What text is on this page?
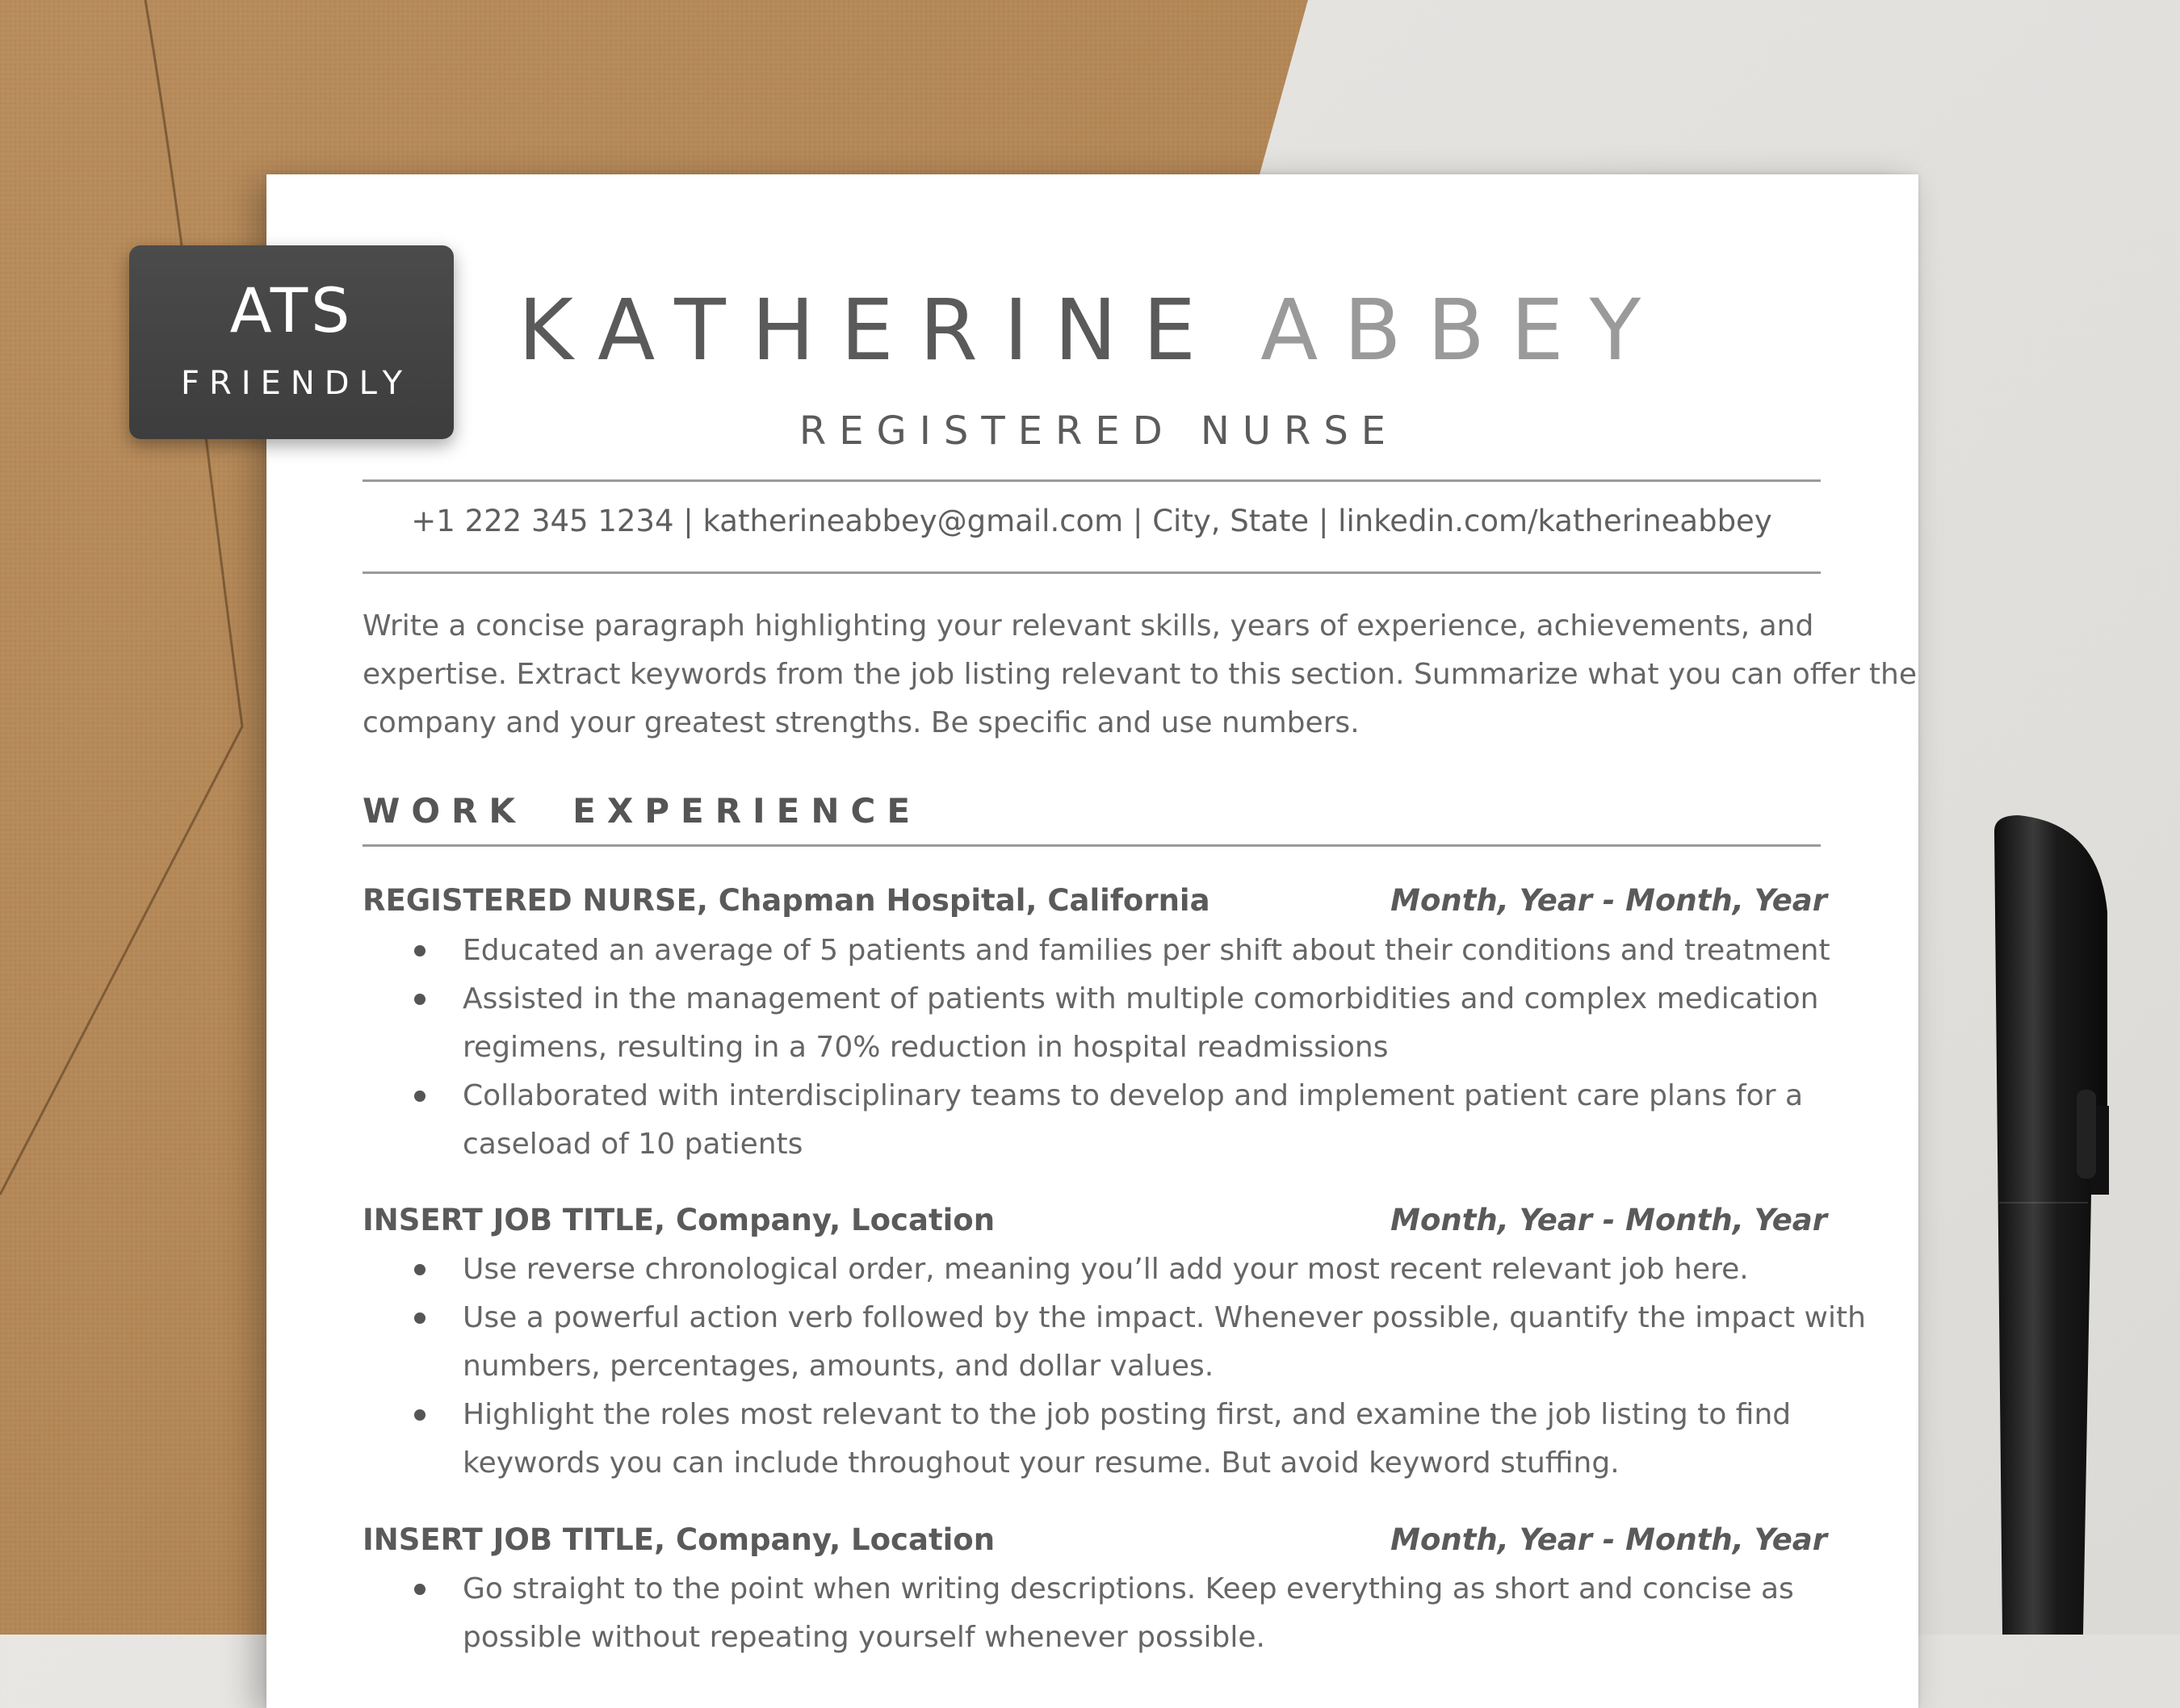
KATHERINE ABBEY
REGISTERED NURSE
+1 222 345 1234 | katherineabbey@gmail.com | City, State | linkedin.com/katherineabbey
Write a concise paragraph highlighting your relevant skills, years of experience, achievements, and
expertise. Extract keywords from the job listing relevant to this section. Summarize what you can offer the
company and your greatest strengths. Be specific and use numbers.
WORK  EXPERIENCE
REGISTERED NURSE, Chapman Hospital, California	Month, Year - Month, Year
Educated an average of 5 patients and families per shift about their conditions and treatment
Assisted in the management of patients with multiple comorbidities and complex medication
regimens, resulting in a 70% reduction in hospital readmissions
Collaborated with interdisciplinary teams to develop and implement patient care plans for a
caseload of 10 patients
INSERT JOB TITLE, Company, Location	Month, Year - Month, Year
Use reverse chronological order, meaning you’ll add your most recent relevant job here.
Use a powerful action verb followed by the impact. Whenever possible, quantify the impact with
numbers, percentages, amounts, and dollar values.
Highlight the roles most relevant to the job posting first, and examine the job listing to find
keywords you can include throughout your resume. But avoid keyword stuffing.
INSERT JOB TITLE, Company, Location	Month, Year - Month, Year
Go straight to the point when writing descriptions. Keep everything as short and concise as
possible without repeating yourself whenever possible.
ATS
FRIENDLY
